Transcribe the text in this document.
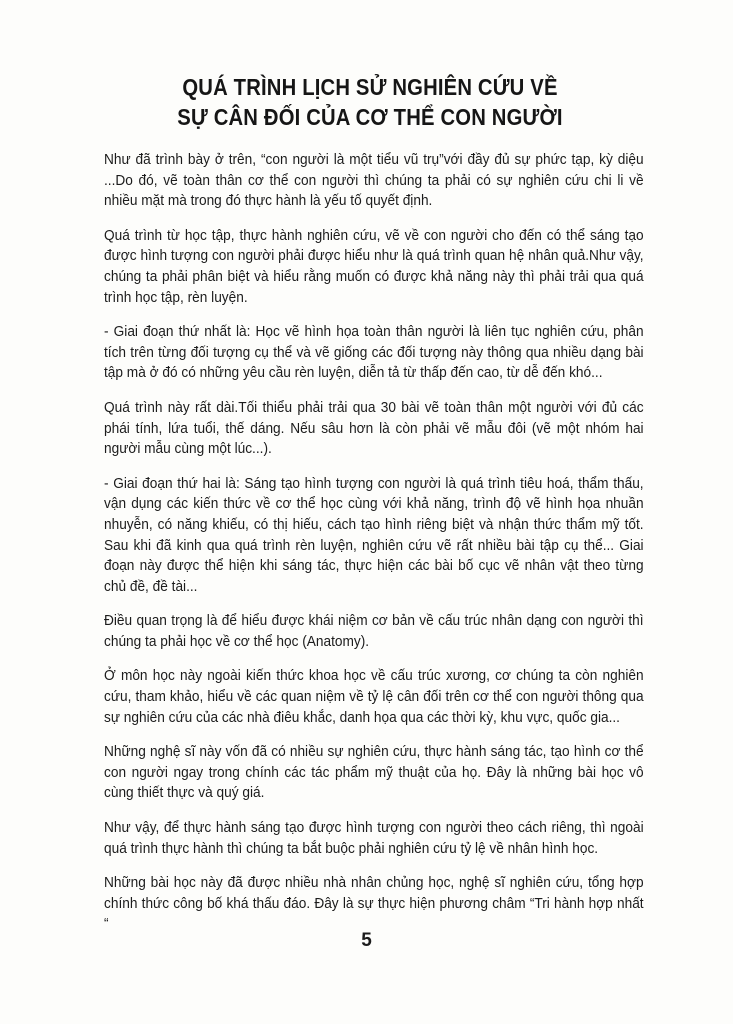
QUÁ TRÌNH LỊCH SỬ NGHIÊN CỨU VỀ
SỰ CÂN ĐỐI CỦA CƠ THỂ CON NGƯỜI

Như đã trình bày ở trên, “con người là một tiểu vũ trụ”với đầy đủ sự phức tạp, kỳ diệu ...Do đó, vẽ toàn thân cơ thể con người thì chúng ta phải có sự nghiên cứu chi li về nhiều mặt mà trong đó thực hành là yếu tố quyết định.

Quá trình từ học tập, thực hành nghiên cứu, vẽ về con người cho đến có thể sáng tạo được hình tượng con người phải được hiểu như là quá trình quan hệ nhân quả.Như vậy, chúng ta phải phân biệt và hiểu rằng muốn có được khả năng này thì phải trải qua quá trình học tập, rèn luyện.

- Giai đoạn thứ nhất là: Học vẽ hình họa toàn thân người là liên tục nghiên cứu, phân tích trên từng đối tượng cụ thể và vẽ giống các đối tượng này thông qua nhiều dạng bài tập mà ở đó có những yêu cầu rèn luyện, diễn tả từ thấp đến cao, từ dễ đến khó...

Quá trình này rất dài.Tối thiểu phải trải qua 30 bài vẽ toàn thân một người với đủ các phái tính, lứa tuổi, thế dáng. Nếu sâu hơn là còn phải vẽ mẫu đôi (vẽ một nhóm hai người mẫu cùng một lúc...).

- Giai đoạn thứ hai là: Sáng tạo hình tượng con người là quá trình tiêu hoá, thẩm thấu, vận dụng các kiến thức về cơ thể học cùng với khả năng, trình độ vẽ hình họa nhuần nhuyễn, có năng khiếu, có thị hiếu, cách tạo hình riêng biệt và nhận thức thẩm mỹ tốt. Sau khi đã kinh qua quá trình rèn luyện, nghiên cứu vẽ rất nhiều bài tập cụ thể... Giai đoạn này được thể hiện khi sáng tác, thực hiện các bài bố cục vẽ nhân vật theo từng chủ đề, đề tài...

Điều quan trọng là để hiểu được khái niệm cơ bản về cấu trúc nhân dạng con người thì chúng ta phải học về cơ thể học (Anatomy).

Ở môn học này ngoài kiến thức khoa học về cấu trúc xương, cơ chúng ta còn nghiên cứu, tham khảo, hiểu về các quan niệm về tỷ lệ cân đối trên cơ thể con người thông qua sự nghiên cứu của các nhà điêu khắc, danh họa qua các thời kỳ, khu vực, quốc gia...

Những nghệ sĩ này vốn đã có nhiều sự nghiên cứu, thực hành sáng tác, tạo hình cơ thể con người ngay trong chính các tác phẩm mỹ thuật của họ. Đây là những bài học vô cùng thiết thực và quý giá.

Như vậy, để thực hành sáng tạo được hình tượng con người theo cách riêng, thì ngoài quá trình thực hành thì chúng ta bắt buộc phải nghiên cứu tỷ lệ về nhân hình học.

Những bài học này đã được nhiều nhà nhân chủng học, nghệ sĩ nghiên cứu, tổng hợp chính thức công bố khá thấu đáo. Đây là sự thực hiện phương châm “Tri hành hợp nhất “

5
